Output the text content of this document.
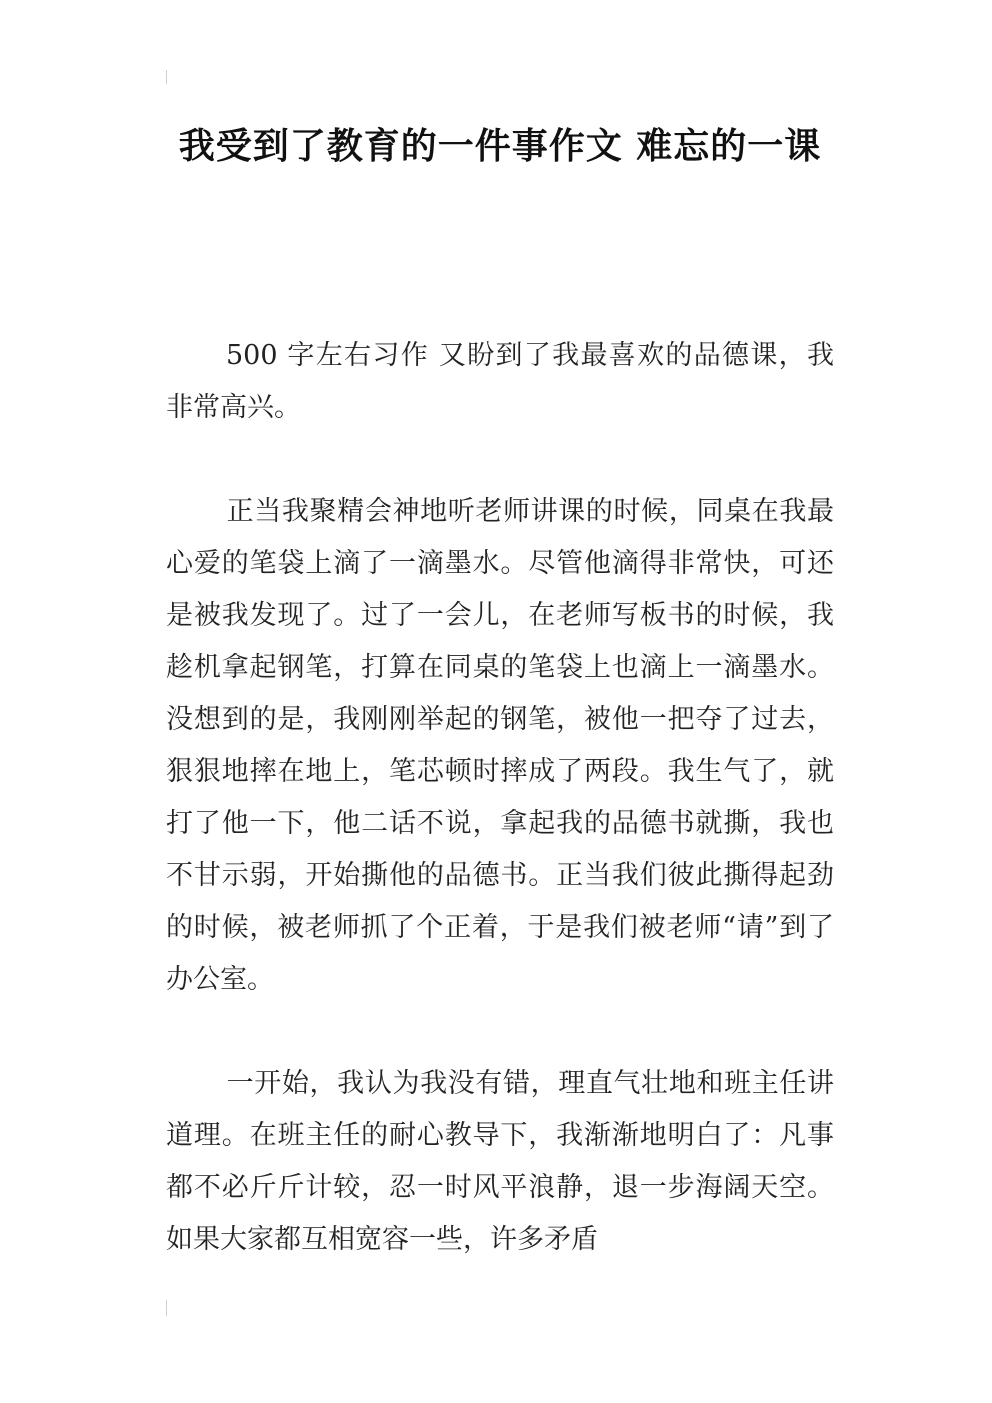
我受到了教育的一件事作文 难忘的一课
500 字左右习作 又盼到了我最喜欢的品德课，我非常高兴。
正当我聚精会神地听老师讲课的时候，同桌在我最心爱的笔袋上滴了一滴墨水。尽管他滴得非常快，可还是被我发现了。过了一会儿，在老师写板书的时候，我趁机拿起钢笔，打算在同桌的笔袋上也滴上一滴墨水。没想到的是，我刚刚举起的钢笔，被他一把夺了过去，狠狠地摔在地上，笔芯顿时摔成了两段。我生气了，就打了他一下，他二话不说，拿起我的品德书就撕，我也不甘示弱，开始撕他的品德书。正当我们彼此撕得起劲的时候，被老师抓了个正着，于是我们被老师“请”到了办公室。
一开始，我认为我没有错，理直气壮地和班主任讲道理。在班主任的耐心教导下，我渐渐地明白了：凡事都不必斤斤计较，忍一时风平浪静，退一步海阔天空。如果大家都互相宽容一些，许多矛盾
